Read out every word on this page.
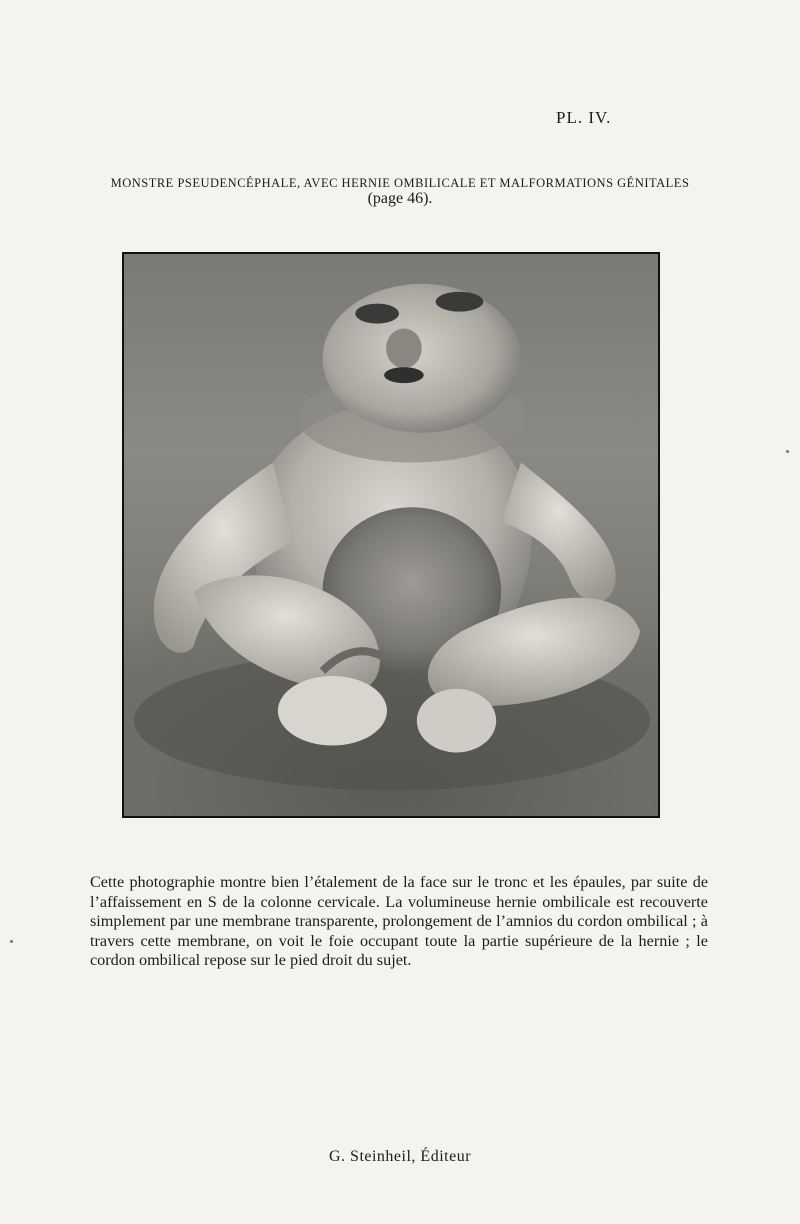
PL. IV.
MONSTRE PSEUDENCÉPHALE, AVEC HERNIE OMBILICALE ET MALFORMATIONS GÉNITALES
(page 46).

Cette photographie montre bien l’étalement de la face sur le tronc et les épaules, par suite de l’affaissement en S de la colonne cervicale. La volumineuse hernie ombilicale est recouverte simplement par une membrane transparente, prolongement de l’amnios du cordon ombilical ; à travers cette membrane, on voit le foie occupant toute la partie supérieure de la hernie ; le cordon ombilical repose sur le pied droit du sujet.

G. Steinheil, Éditeur
